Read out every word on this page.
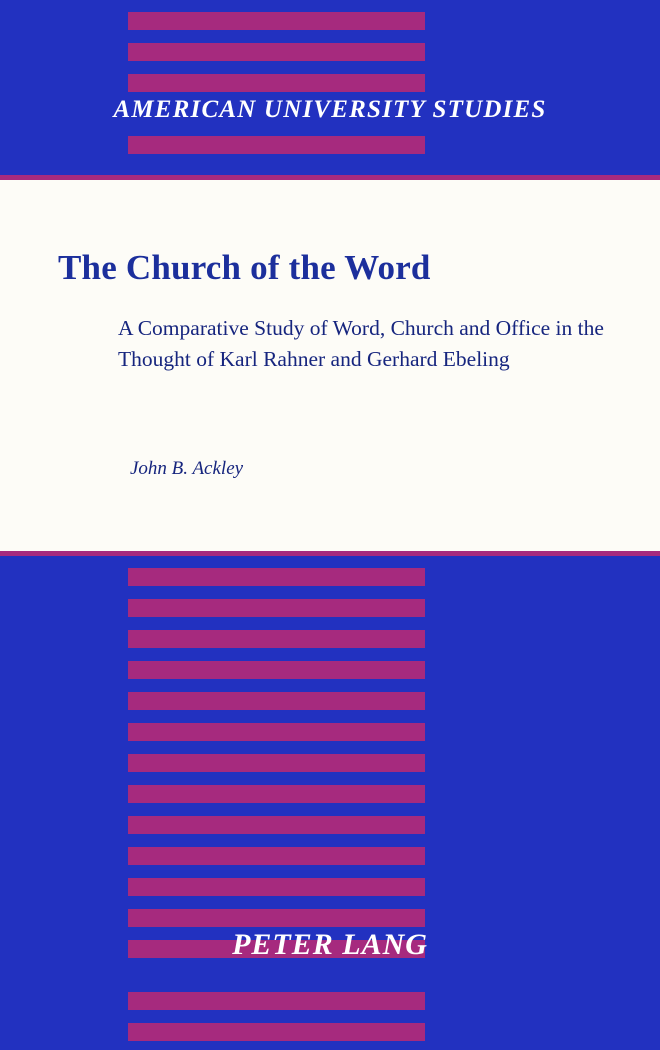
AMERICAN UNIVERSITY STUDIES
The Church of the Word
A Comparative Study of Word, Church and Office in the Thought of Karl Rahner and Gerhard Ebeling
John B. Ackley
PETER LANG
